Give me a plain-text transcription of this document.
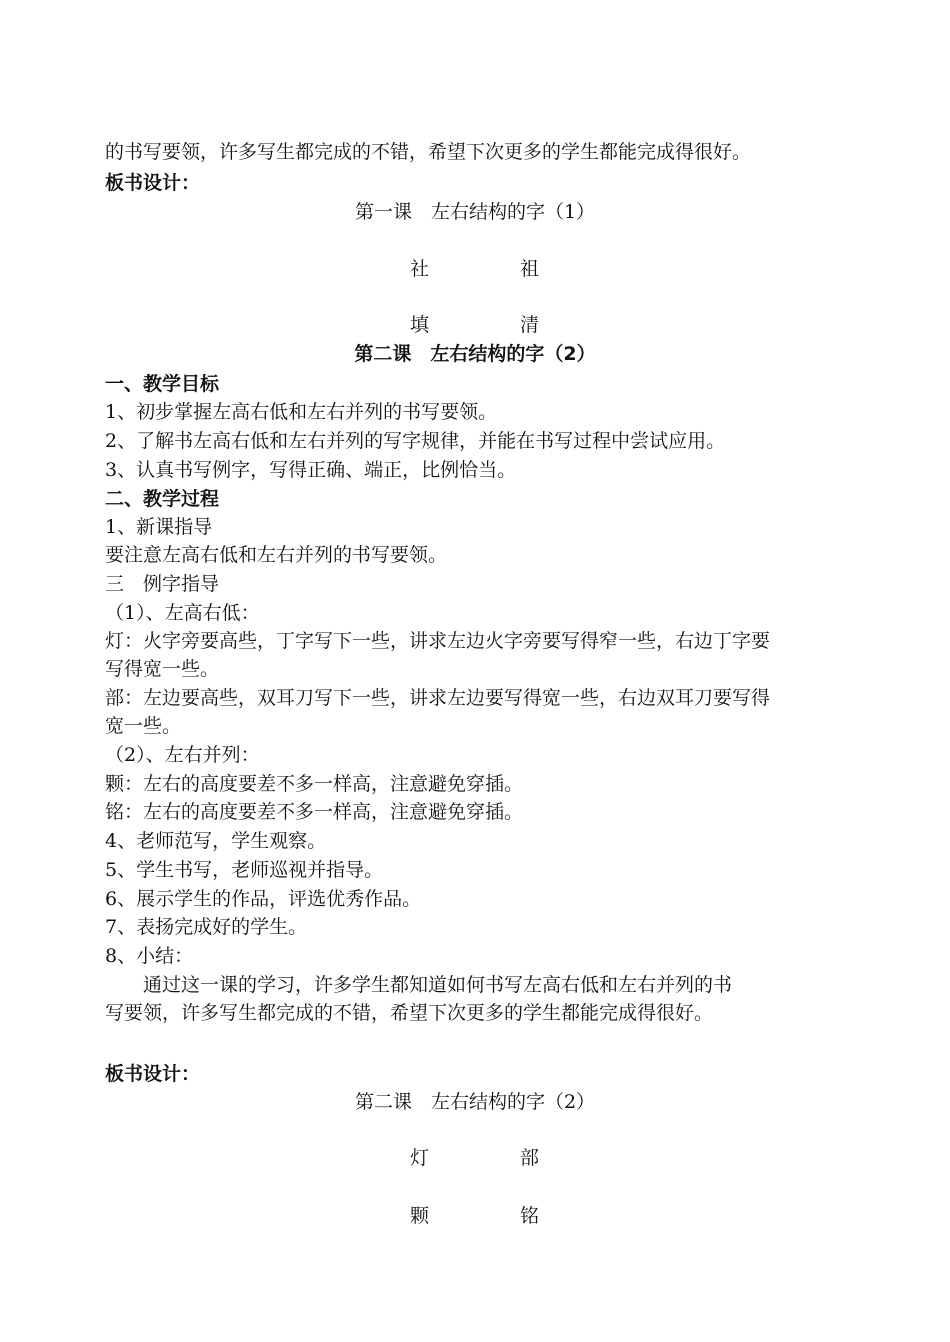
的书写要领，许多写生都完成的不错，希望下次更多的学生都能完成得很好。
板书设计：
第一课　左右结构的字（1）
社	祖
填	清
第二课　左右结构的字（2）
一、教学目标
1、初步掌握左高右低和左右并列的书写要领。
2、了解书左高右低和左右并列的写字规律，并能在书写过程中尝试应用。
3、认真书写例字，写得正确、端正，比例恰当。
二、教学过程
1、新课指导
要注意左高右低和左右并列的书写要领。
三　例字指导
（1）、左高右低：
灯：火字旁要高些，丁字写下一些，讲求左边火字旁要写得窄一些，右边丁字要
写得宽一些。
部：左边要高些，双耳刀写下一些，讲求左边要写得宽一些，右边双耳刀要写得
宽一些。
（2）、左右并列：
颗：左右的高度要差不多一样高，注意避免穿插。
铭：左右的高度要差不多一样高，注意避免穿插。
4、老师范写，学生观察。
5、学生书写，老师巡视并指导。
6、展示学生的作品，评选优秀作品。
7、表扬完成好的学生。
8、小结：
　　通过这一课的学习，许多学生都知道如何书写左高右低和左右并列的书
写要领，许多写生都完成的不错，希望下次更多的学生都能完成得很好。
板书设计：
第二课　左右结构的字（2）
灯	部
颗	铭
